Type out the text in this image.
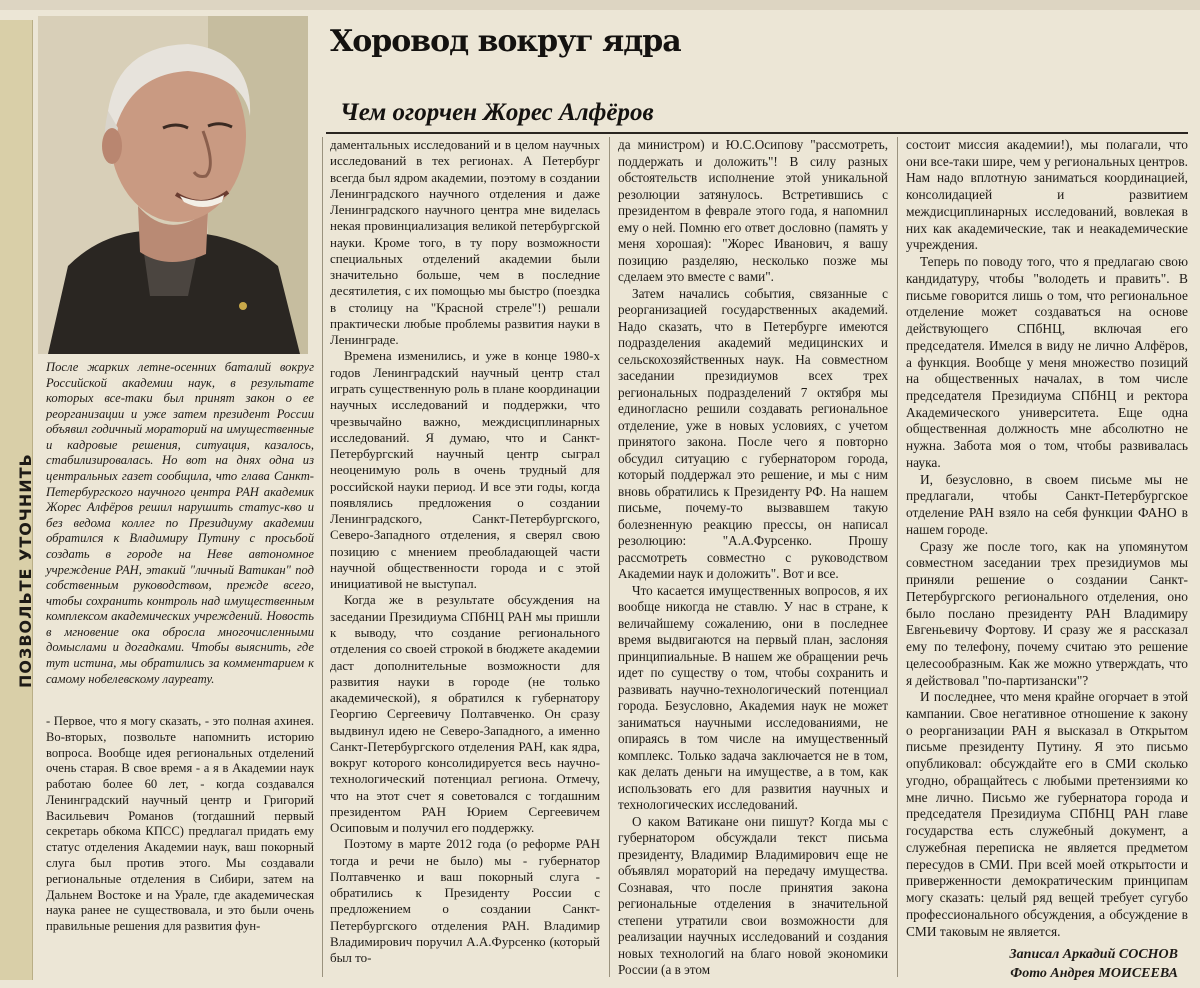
ПОЗВОЛЬТЕ УТОЧНИТЬ
Хоровод вокруг ядра
Чем огорчен Жорес Алфёров
После жарких летне-осенних баталий вокруг Российской академии наук, в результате которых все-таки был принят закон о ее реорганизации и уже затем президент России объявил годичный мораторий на имущественные и кадровые решения, ситуация, казалось, стабилизировалась. Но вот на днях одна из центральных газет сообщила, что глава Санкт-Петербургского научного центра РАН академик Жорес Алфёров решил нарушить статус-кво и без ведома коллег по Президиуму академии обратился к Владимиру Путину с просьбой создать в городе на Неве автономное учреждение РАН, этакий "личный Ватикан" под собственным руководством, прежде всего, чтобы сохранить контроль над имущественным комплексом академических учреждений. Новость в мгновение ока обросла многочисленными домыслами и догадками. Чтобы выяснить, где тут истина, мы обратились за комментарием к самому нобелевскому лауреату.

- Первое, что я могу сказать, - это полная ахинея. Во-вторых, позвольте напомнить историю вопроса. Вообще идея региональных отделений очень старая. В свое время - а я в Академии наук работаю более 60 лет, - когда создавался Ленинградский научный центр и Григорий Васильевич Романов (тогдашний первый секретарь обкома КПСС) предлагал придать ему статус отделения Академии наук, ваш покорный слуга был против этого. Мы создавали региональные отделения в Сибири, затем на Дальнем Востоке и на Урале, где академическая наука ранее не существовала, и это были очень правильные решения для развития фун-

даментальных исследований и в целом научных исследований в тех регионах. А Петербург всегда был ядром академии, поэтому в создании Ленинградского научного отделения и даже Ленинградского научного центра мне виделась некая провинциализация великой петербургской науки. Кроме того, в ту пору возможности специальных отделений академии были значительно больше, чем в последние десятилетия, с их помощью мы быстро (поездка в столицу на "Красной стреле"!) решали практически любые проблемы развития науки в Ленинграде.

Времена изменились, и уже в конце 1980-х годов Ленинградский научный центр стал играть существенную роль в плане координации научных исследований и поддержки, что чрезвычайно важно, междисциплинарных исследований. Я думаю, что и Санкт-Петербургский научный центр сыграл неоценимую роль в очень трудный для российской науки период. И все эти годы, когда появлялись предложения о создании Ленинградского, Санкт-Петербургского, Северо-Западного отделения, я сверял свою позицию с мнением преобладающей части научной общественности города и с этой инициативой не выступал.

Когда же в результате обсуждения на заседании Президиума СПбНЦ РАН мы пришли к выводу, что создание регионального отделения со своей строкой в бюджете академии даст дополнительные возможности для развития науки в городе (не только академической), я обратился к губернатору Георгию Сергеевичу Полтавченко. Он сразу выдвинул идею не Северо-Западного, а именно Санкт-Петербургского отделения РАН, как ядра, вокруг которого консолидируется весь научно-технологический потенциал региона. Отмечу, что на этот счет я советовался с тогдашним президентом РАН Юрием Сергеевичем Осиповым и получил его поддержку.

Поэтому в марте 2012 года (о реформе РАН тогда и речи не было) мы - губернатор Полтавченко и ваш покорный слуга - обратились к Президенту России с предложением о создании Санкт-Петербургского отделения РАН. Владимир Владимирович поручил А.А.Фурсенко (который был то-

да министром) и Ю.С.Осипову "рассмотреть, поддержать и доложить"! В силу разных обстоятельств исполнение этой уникальной резолюции затянулось. Встретившись с президентом в феврале этого года, я напомнил ему о ней. Помню его ответ дословно (память у меня хорошая): "Жорес Иванович, я вашу позицию разделяю, несколько позже мы сделаем это вместе с вами".

Затем начались события, связанные с реорганизацией государственных академий. Надо сказать, что в Петербурге имеются подразделения академий медицинских и сельскохозяйственных наук. На совместном заседании президиумов всех трех региональных подразделений 7 октября мы единогласно решили создавать региональное отделение, уже в новых условиях, с учетом принятого закона. После чего я повторно обсудил ситуацию с губернатором города, который поддержал это решение, и мы с ним вновь обратились к Президенту РФ. На нашем письме, почему-то вызвавшем такую болезненную реакцию прессы, он написал резолюцию: "А.А.Фурсенко. Прошу рассмотреть совместно с руководством Академии наук и доложить". Вот и все.

Что касается имущественных вопросов, я их вообще никогда не ставлю. У нас в стране, к величайшему сожалению, они в последнее время выдвигаются на первый план, заслоняя принципиальные. В нашем же обращении речь идет по существу о том, чтобы сохранить и развивать научно-технологический потенциал города. Безусловно, Академия наук не может заниматься научными исследованиями, не опираясь в том числе на имущественный комплекс. Только задача заключается не в том, как делать деньги на имуществе, а в том, как использовать его для развития научных и технологических исследований.

О каком Ватикане они пишут? Когда мы с губернатором обсуждали текст письма президенту, Владимир Владимирович еще не объявлял мораторий на передачу имущества. Сознавая, что после принятия закона региональные отделения в значительной степени утратили свои возможности для реализации научных исследований и создания новых технологий на благо новой экономики России (а в этом

состоит миссия академии!), мы полагали, что они все-таки шире, чем у региональных центров. Нам надо вплотную заниматься координацией, консолидацией и развитием междисциплинарных исследований, вовлекая в них как академические, так и неакадемические учреждения.

Теперь по поводу того, что я предлагаю свою кандидатуру, чтобы "володеть и править". В письме говорится лишь о том, что региональное отделение может создаваться на основе действующего СПбНЦ, включая его председателя. Имелся в виду не лично Алфёров, а функция. Вообще у меня множество позиций на общественных началах, в том числе председателя Президиума СПбНЦ и ректора Академического университета. Еще одна общественная должность мне абсолютно не нужна. Забота моя о том, чтобы развивалась наука.

И, безусловно, в своем письме мы не предлагали, чтобы Санкт-Петербургское отделение РАН взяло на себя функции ФАНО в нашем городе.

Сразу же после того, как на упомянутом совместном заседании трех президиумов мы приняли решение о создании Санкт-Петербургского регионального отделения, оно было послано президенту РАН Владимиру Евгеньевичу Фортову. И сразу же я рассказал ему по телефону, почему считаю это решение целесообразным. Как же можно утверждать, что я действовал "по-партизански"?

И последнее, что меня крайне огорчает в этой кампании. Свое негативное отношение к закону о реорганизации РАН я высказал в Открытом письме президенту Путину. Я это письмо опубликовал: обсуждайте его в СМИ сколько угодно, обращайтесь с любыми претензиями ко мне лично. Письмо же губернатора города и председателя Президиума СПбНЦ РАН главе государства есть служебный документ, а служебная переписка не является предметом пересудов в СМИ. При всей моей открытости и приверженности демократическим принципам могу сказать: целый ряд вещей требует сугубо профессионального обсуждения, а обсуждение в СМИ таковым не является.

Записал Аркадий СОСНОВ
Фото Андрея МОИСЕЕВА
